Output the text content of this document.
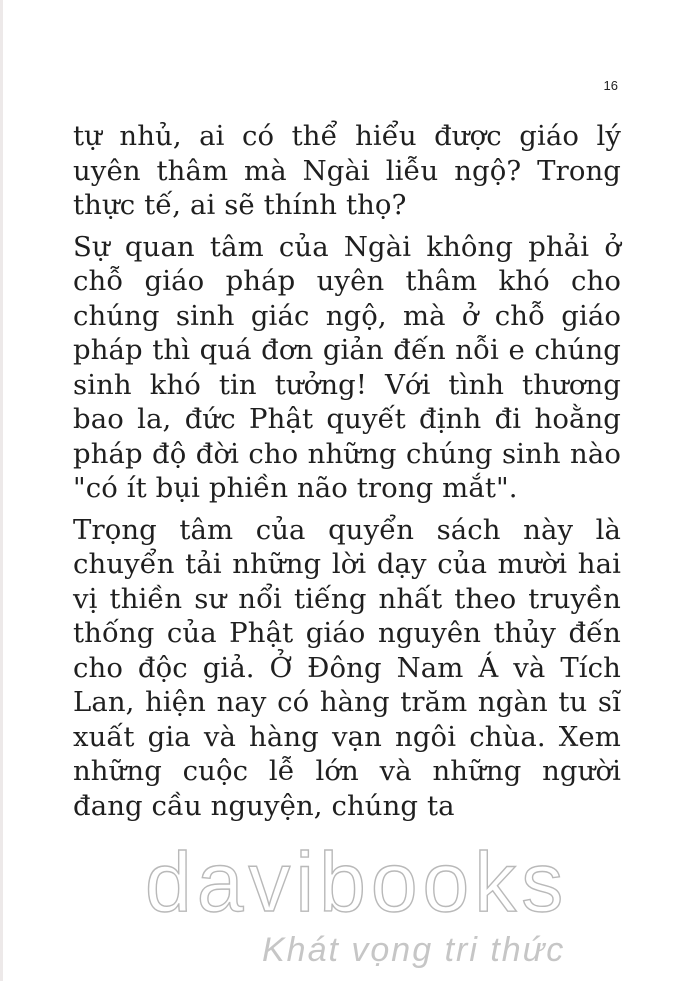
16

tự nhủ, ai có thể hiểu được giáo lý uyên thâm mà Ngài liễu ngộ? Trong thực tế, ai sẽ thính thọ?

Sự quan tâm của Ngài không phải ở chỗ giáo pháp uyên thâm khó cho chúng sinh giác ngộ, mà ở chỗ giáo pháp thì quá đơn giản đến nỗi e chúng sinh khó tin tưởng! Với tình thương bao la, đức Phật quyết định đi hoằng pháp độ đời cho những chúng sinh nào "có ít bụi phiền não trong mắt".

Trọng tâm của quyển sách này là chuyển tải những lời dạy của mười hai vị thiền sư nổi tiếng nhất theo truyền thống của Phật giáo nguyên thủy đến cho độc giả. Ở Đông Nam Á và Tích Lan, hiện nay có hàng trăm ngàn tu sĩ xuất gia và hàng vạn ngôi chùa. Xem những cuộc lễ lớn và những người đang cầu nguyện, chúng ta

davibooks
Khát vọng tri thức
